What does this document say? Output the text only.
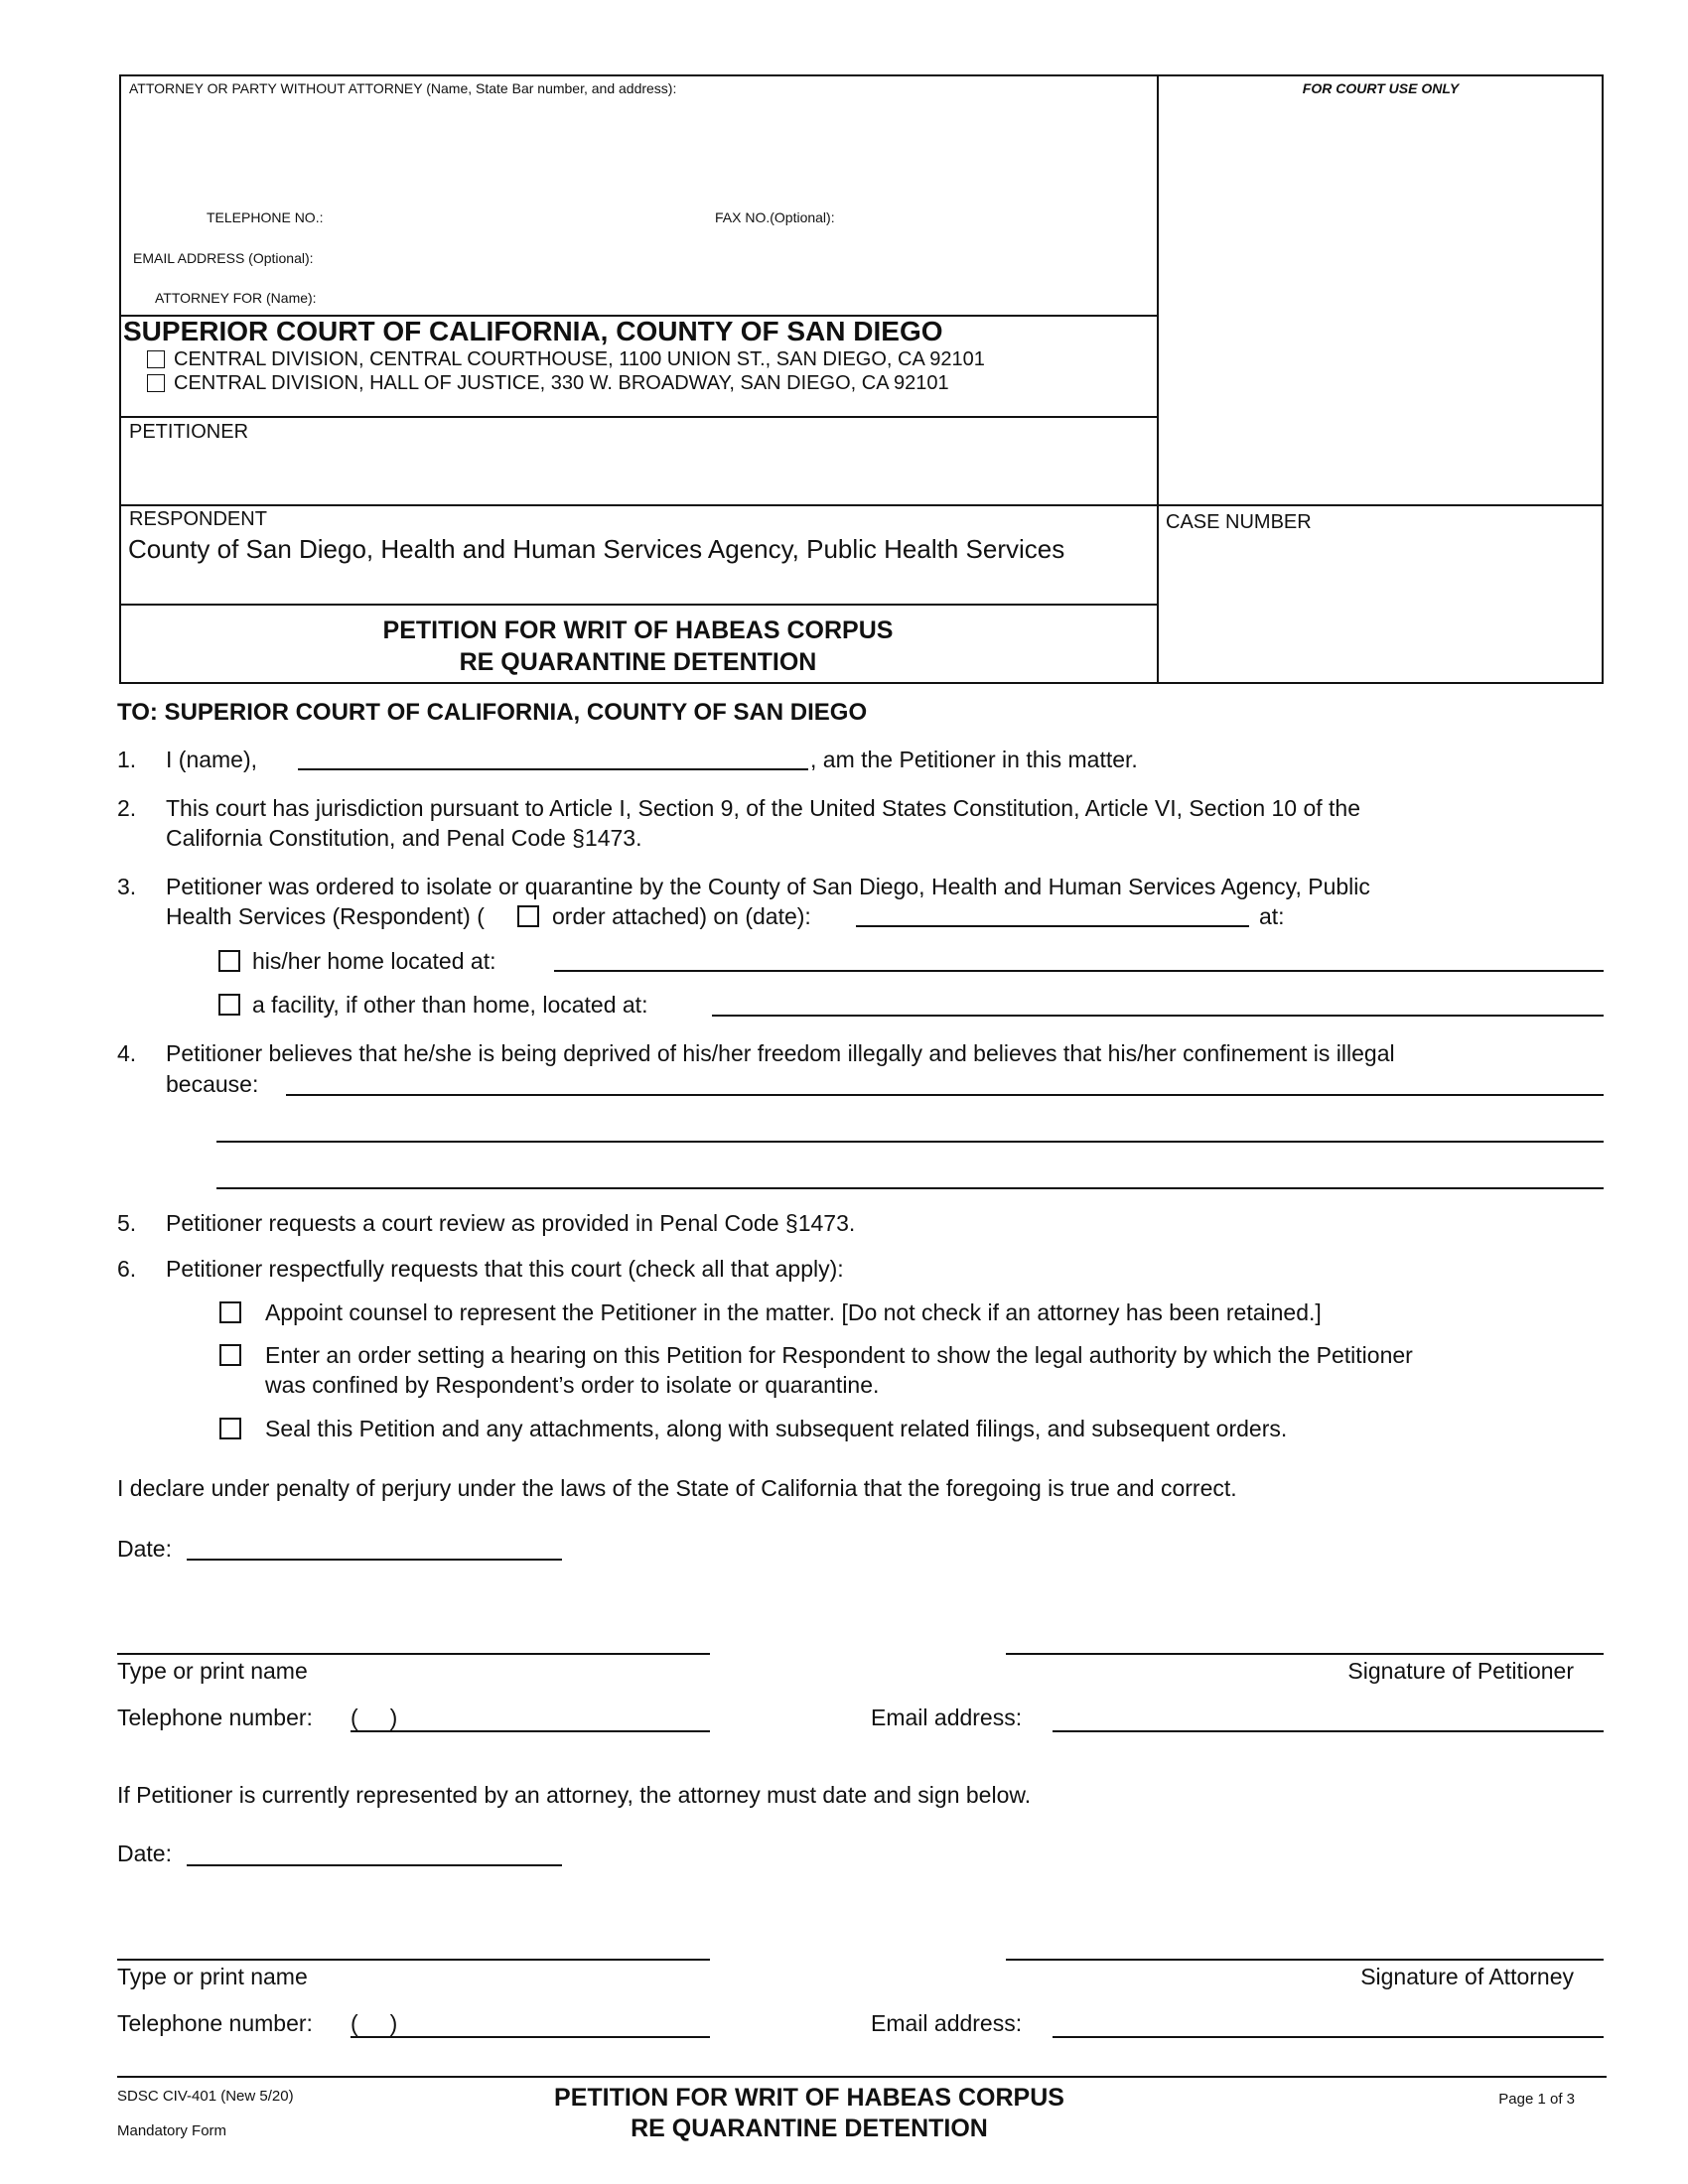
ATTORNEY OR PARTY WITHOUT ATTORNEY (Name, State Bar number, and address):	FOR COURT USE ONLY
TELEPHONE NO.:	FAX NO.(Optional):
EMAIL ADDRESS (Optional):
ATTORNEY FOR (Name):
SUPERIOR COURT OF CALIFORNIA, COUNTY OF SAN DIEGO
CENTRAL DIVISION, CENTRAL COURTHOUSE, 1100 UNION ST., SAN DIEGO, CA 92101
CENTRAL DIVISION, HALL OF JUSTICE, 330 W. BROADWAY, SAN DIEGO, CA 92101
PETITIONER
RESPONDENT
County of San Diego, Health and Human Services Agency, Public Health Services
CASE NUMBER
PETITION FOR WRIT OF HABEAS CORPUS
RE QUARANTINE DETENTION
TO: SUPERIOR COURT OF CALIFORNIA, COUNTY OF SAN DIEGO
1. I (name),	, am the Petitioner in this matter.
2. This court has jurisdiction pursuant to Article I, Section 9, of the United States Constitution, Article VI, Section 10 of the
California Constitution, and Penal Code §1473.
3. Petitioner was ordered to isolate or quarantine by the County of San Diego, Health and Human Services Agency, Public
Health Services (Respondent) (	order attached) on (date):	at:
his/her home located at:
a facility, if other than home, located at:
4. Petitioner believes that he/she is being deprived of his/her freedom illegally and believes that his/her confinement is illegal
because:
5. Petitioner requests a court review as provided in Penal Code §1473.
6. Petitioner respectfully requests that this court (check all that apply):
Appoint counsel to represent the Petitioner in the matter. [Do not check if an attorney has been retained.]
Enter an order setting a hearing on this Petition for Respondent to show the legal authority by which the Petitioner
was confined by Respondent’s order to isolate or quarantine.
Seal this Petition and any attachments, along with subsequent related filings, and subsequent orders.
I declare under penalty of perjury under the laws of the State of California that the foregoing is true and correct.
Date:
Type or print name	Signature of Petitioner
Telephone number: (     )	Email address:
If Petitioner is currently represented by an attorney, the attorney must date and sign below.
Date:
Type or print name	Signature of Attorney
Telephone number: (     )	Email address:
SDSC CIV-401 (New 5/20)
Mandatory Form
PETITION FOR WRIT OF HABEAS CORPUS
RE QUARANTINE DETENTION
Page 1 of 3
